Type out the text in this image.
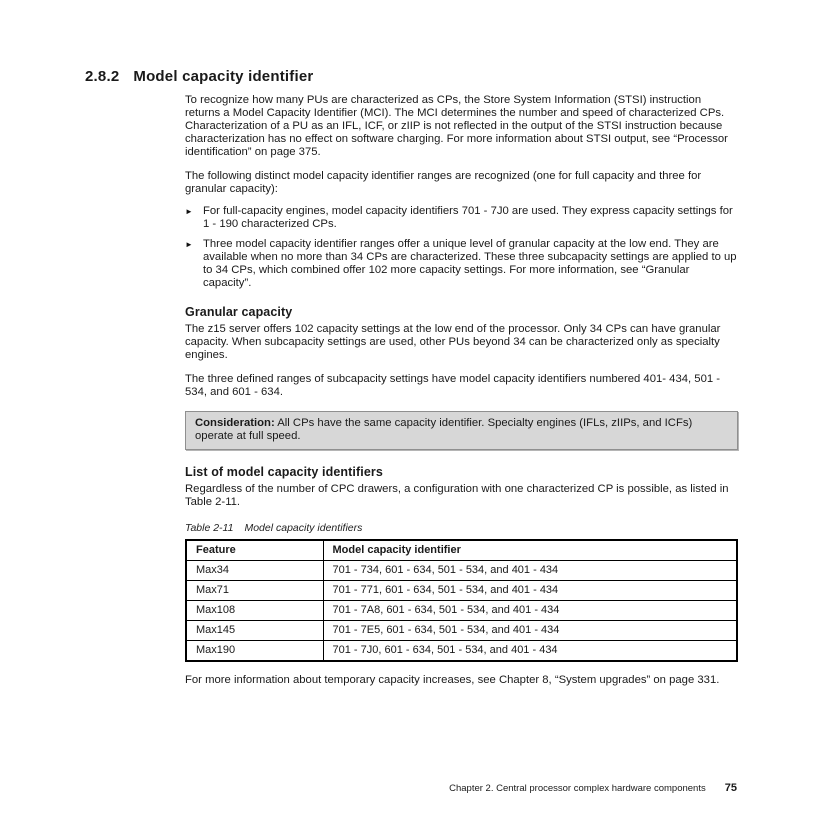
2.8.2 Model capacity identifier

To recognize how many PUs are characterized as CPs, the Store System Information (STSI) instruction returns a Model Capacity Identifier (MCI). The MCI determines the number and speed of characterized CPs. Characterization of a PU as an IFL, ICF, or zIIP is not reflected in the output of the STSI instruction because characterization has no effect on software charging. For more information about STSI output, see “Processor identification” on page 375.

The following distinct model capacity identifier ranges are recognized (one for full capacity and three for granular capacity):

► For full-capacity engines, model capacity identifiers 701 - 7J0 are used. They express capacity settings for 1 - 190 characterized CPs.
► Three model capacity identifier ranges offer a unique level of granular capacity at the low end. They are available when no more than 34 CPs are characterized. These three subcapacity settings are applied to up to 34 CPs, which combined offer 102 more capacity settings. For more information, see “Granular capacity”.
Granular capacity

The z15 server offers 102 capacity settings at the low end of the processor. Only 34 CPs can have granular capacity. When subcapacity settings are used, other PUs beyond 34 can be characterized only as specialty engines.

The three defined ranges of subcapacity settings have model capacity identifiers numbered 401- 434, 501 - 534, and 601 - 634.

Consideration: All CPs have the same capacity identifier. Specialty engines (IFLs, zIIPs, and ICFs) operate at full speed.
List of model capacity identifiers

Regardless of the number of CPC drawers, a configuration with one characterized CP is possible, as listed in Table 2-11.

Table 2-11 Model capacity identifiers
Feature	Model capacity identifier
Max34	701 - 734, 601 - 634, 501 - 534, and 401 - 434
Max71	701 - 771, 601 - 634, 501 - 534, and 401 - 434
Max108	701 - 7A8, 601 - 634, 501 - 534, and 401 - 434
Max145	701 - 7E5, 601 - 634, 501 - 534, and 401 - 434
Max190	701 - 7J0, 601 - 634, 501 - 534, and 401 - 434

For more information about temporary capacity increases, see Chapter 8, “System upgrades” on page 331.

Chapter 2. Central processor complex hardware components 75
